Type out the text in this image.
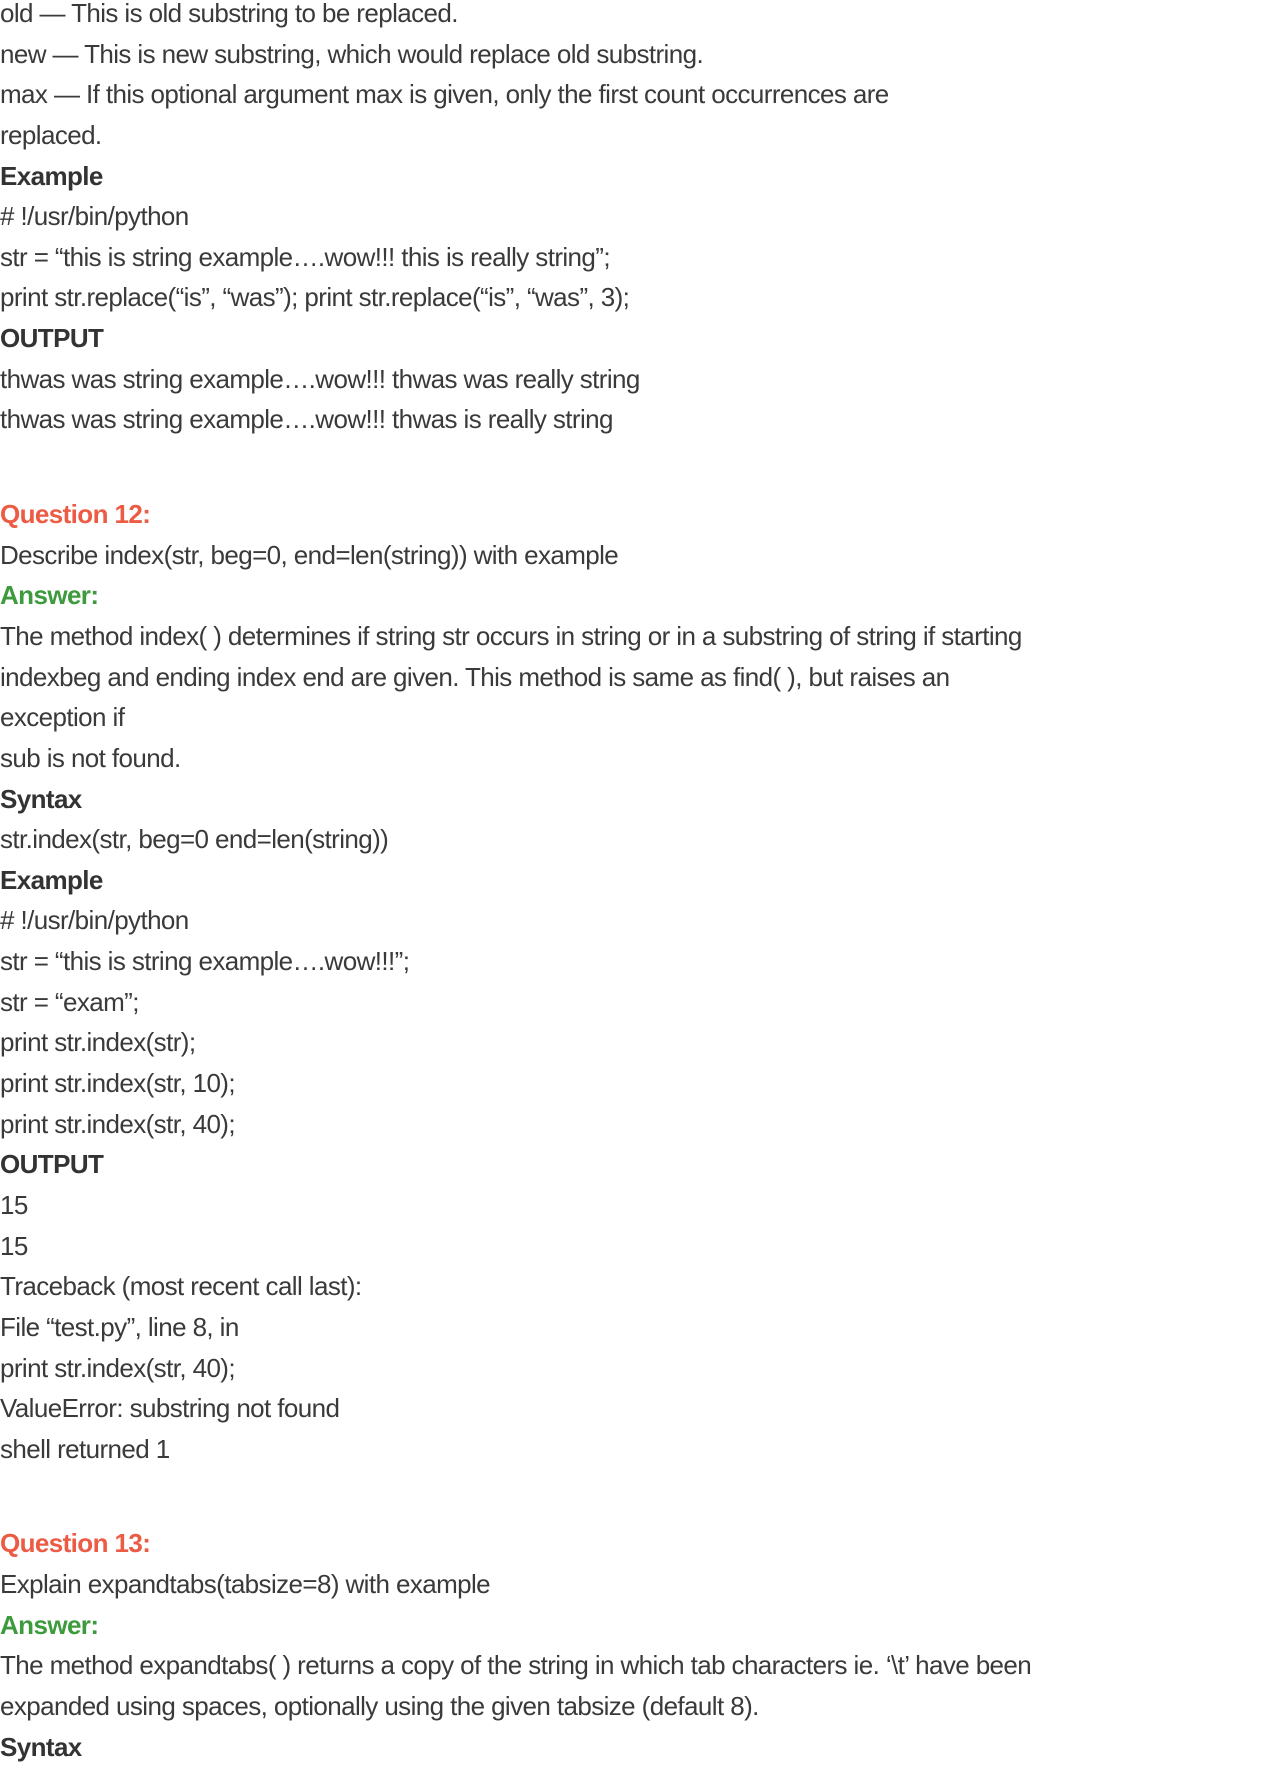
old — This is old substring to be replaced.
new — This is new substring, which would replace old substring.
max — If this optional argument max is given, only the first count occurrences are
replaced.
Example
# !/usr/bin/python
str = “this is string example….wow!!! this is really string”;
print str.replace(“is”, “was”); print str.replace(“is”, “was”, 3);
OUTPUT
thwas was string example….wow!!! thwas was really string
thwas was string example….wow!!! thwas is really string
Question 12:
Describe index(str, beg=0, end=len(string)) with example
Answer:
The method index( ) determines if string str occurs in string or in a substring of string if starting
indexbeg and ending index end are given. This method is same as find( ), but raises an
exception if
sub is not found.
Syntax
str.index(str, beg=0 end=len(string))
Example
# !/usr/bin/python
str = “this is string example….wow!!!”;
str = “exam”;
print str.index(str);
print str.index(str, 10);
print str.index(str, 40);
OUTPUT
15
15
Traceback (most recent call last):
File “test.py”, line 8, in
print str.index(str, 40);
ValueError: substring not found
shell returned 1
Question 13:
Explain expandtabs(tabsize=8) with example
Answer:
The method expandtabs( ) returns a copy of the string in which tab characters ie. ‘\t’ have been
expanded using spaces, optionally using the given tabsize (default 8).
Syntax
